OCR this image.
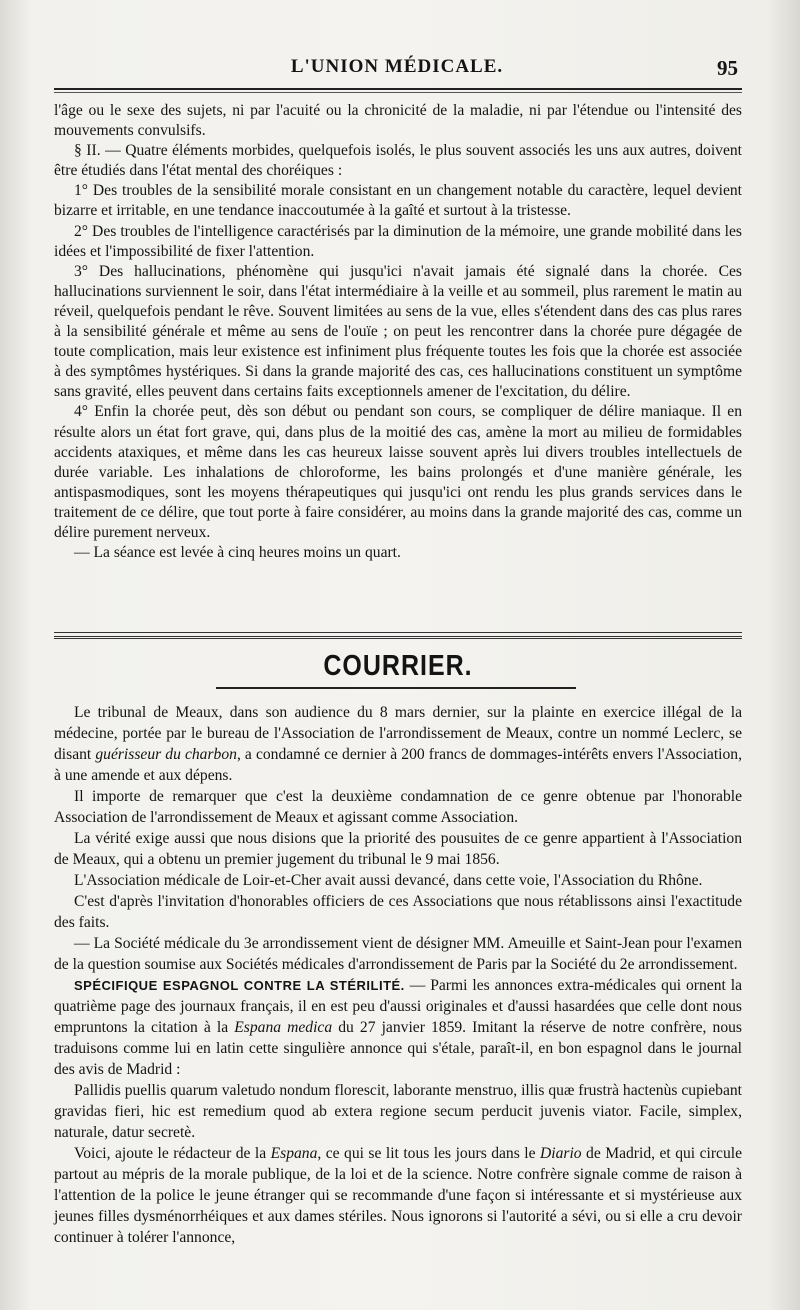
L'UNION MÉDICALE.	95

l'âge ou le sexe des sujets, ni par l'acuité ou la chronicité de la maladie, ni par l'étendue ou l'intensité des mouvements convulsifs.

§ II. — Quatre éléments morbides, quelquefois isolés, le plus souvent associés les uns aux autres, doivent être étudiés dans l'état mental des choréiques :

1° Des troubles de la sensibilité morale consistant en un changement notable du caractère, lequel devient bizarre et irritable, en une tendance inaccoutumée à la gaîté et surtout à la tristesse.

2° Des troubles de l'intelligence caractérisés par la diminution de la mémoire, une grande mobilité dans les idées et l'impossibilité de fixer l'attention.

3° Des hallucinations, phénomène qui jusqu'ici n'avait jamais été signalé dans la chorée. Ces hallucinations surviennent le soir, dans l'état intermédiaire à la veille et au sommeil, plus rarement le matin au réveil, quelquefois pendant le rêve. Souvent limitées au sens de la vue, elles s'étendent dans des cas plus rares à la sensibilité générale et même au sens de l'ouïe ; on peut les rencontrer dans la chorée pure dégagée de toute complication, mais leur existence est infiniment plus fréquente toutes les fois que la chorée est associée à des symptômes hystériques. Si dans la grande majorité des cas, ces hallucinations constituent un symptôme sans gravité, elles peuvent dans certains faits exceptionnels amener de l'excitation, du délire.

4° Enfin la chorée peut, dès son début ou pendant son cours, se compliquer de délire maniaque. Il en résulte alors un état fort grave, qui, dans plus de la moitié des cas, amène la mort au milieu de formidables accidents ataxiques, et même dans les cas heureux laisse souvent après lui divers troubles intellectuels de durée variable. Les inhalations de chloroforme, les bains prolongés et d'une manière générale, les antispasmodiques, sont les moyens thérapeutiques qui jusqu'ici ont rendu les plus grands services dans le traitement de ce délire, que tout porte à faire considérer, au moins dans la grande majorité des cas, comme un délire purement nerveux.

— La séance est levée à cinq heures moins un quart.

COURRIER.

Le tribunal de Meaux, dans son audience du 8 mars dernier, sur la plainte en exercice illégal de la médecine, portée par le bureau de l'Association de l'arrondissement de Meaux, contre un nommé Leclerc, se disant guérisseur du charbon, a condamné ce dernier à 200 francs de dommages-intérêts envers l'Association, à une amende et aux dépens.

Il importe de remarquer que c'est la deuxième condamnation de ce genre obtenue par l'honorable Association de l'arrondissement de Meaux et agissant comme Association.

La vérité exige aussi que nous disions que la priorité des pousuites de ce genre appartient à l'Association de Meaux, qui a obtenu un premier jugement du tribunal le 9 mai 1856.

L'Association médicale de Loir-et-Cher avait aussi devancé, dans cette voie, l'Association du Rhône.

C'est d'après l'invitation d'honorables officiers de ces Associations que nous rétablissons ainsi l'exactitude des faits.

— La Société médicale du 3e arrondissement vient de désigner MM. Ameuille et Saint-Jean pour l'examen de la question soumise aux Sociétés médicales d'arrondissement de Paris par la Société du 2e arrondissement.

SPÉCIFIQUE ESPAGNOL CONTRE LA STÉRILITÉ. — Parmi les annonces extra-médicales qui ornent la quatrième page des journaux français, il en est peu d'aussi originales et d'aussi hasardées que celle dont nous empruntons la citation à la Espana medica du 27 janvier 1859. Imitant la réserve de notre confrère, nous traduisons comme lui en latin cette singulière annonce qui s'étale, paraît-il, en bon espagnol dans le journal des avis de Madrid :

Pallidis puellis quarum valetudo nondum florescit, laborante menstruo, illis quæ frustrà hactenùs cupiebant gravidas fieri, hic est remedium quod ab extera regione secum perducit juvenis viator. Facile, simplex, naturale, datur secretè.

Voici, ajoute le rédacteur de la Espana, ce qui se lit tous les jours dans le Diario de Madrid, et qui circule partout au mépris de la morale publique, de la loi et de la science. Notre confrère signale comme de raison à l'attention de la police le jeune étranger qui se recommande d'une façon si intéressante et si mystérieuse aux jeunes filles dysménorrhéiques et aux dames stériles. Nous ignorons si l'autorité a sévi, ou si elle a cru devoir continuer à tolérer l'annonce,
